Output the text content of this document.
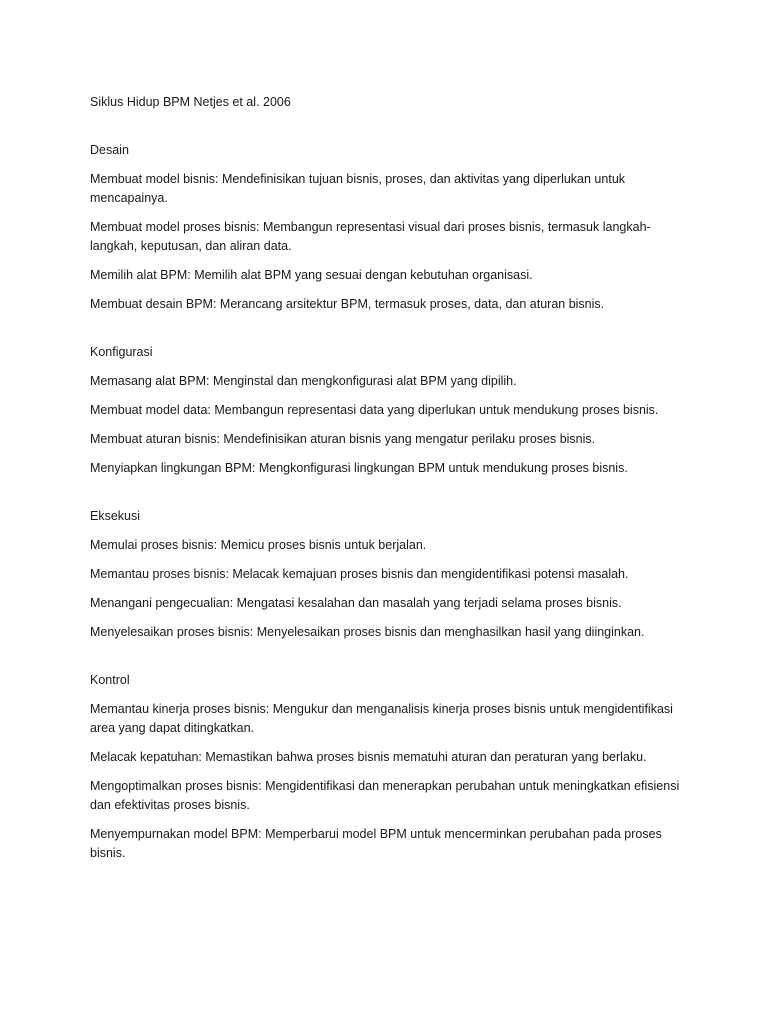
Siklus Hidup BPM Netjes et al. 2006
Desain
Membuat model bisnis: Mendefinisikan tujuan bisnis, proses, dan aktivitas yang diperlukan untuk mencapainya.
Membuat model proses bisnis: Membangun representasi visual dari proses bisnis, termasuk langkah-langkah, keputusan, dan aliran data.
Memilih alat BPM: Memilih alat BPM yang sesuai dengan kebutuhan organisasi.
Membuat desain BPM: Merancang arsitektur BPM, termasuk proses, data, dan aturan bisnis.
Konfigurasi
Memasang alat BPM: Menginstal dan mengkonfigurasi alat BPM yang dipilih.
Membuat model data: Membangun representasi data yang diperlukan untuk mendukung proses bisnis.
Membuat aturan bisnis: Mendefinisikan aturan bisnis yang mengatur perilaku proses bisnis.
Menyiapkan lingkungan BPM: Mengkonfigurasi lingkungan BPM untuk mendukung proses bisnis.
Eksekusi
Memulai proses bisnis: Memicu proses bisnis untuk berjalan.
Memantau proses bisnis: Melacak kemajuan proses bisnis dan mengidentifikasi potensi masalah.
Menangani pengecualian: Mengatasi kesalahan dan masalah yang terjadi selama proses bisnis.
Menyelesaikan proses bisnis: Menyelesaikan proses bisnis dan menghasilkan hasil yang diinginkan.
Kontrol
Memantau kinerja proses bisnis: Mengukur dan menganalisis kinerja proses bisnis untuk mengidentifikasi area yang dapat ditingkatkan.
Melacak kepatuhan: Memastikan bahwa proses bisnis mematuhi aturan dan peraturan yang berlaku.
Mengoptimalkan proses bisnis: Mengidentifikasi dan menerapkan perubahan untuk meningkatkan efisiensi dan efektivitas proses bisnis.
Menyempurnakan model BPM: Memperbarui model BPM untuk mencerminkan perubahan pada proses bisnis.
